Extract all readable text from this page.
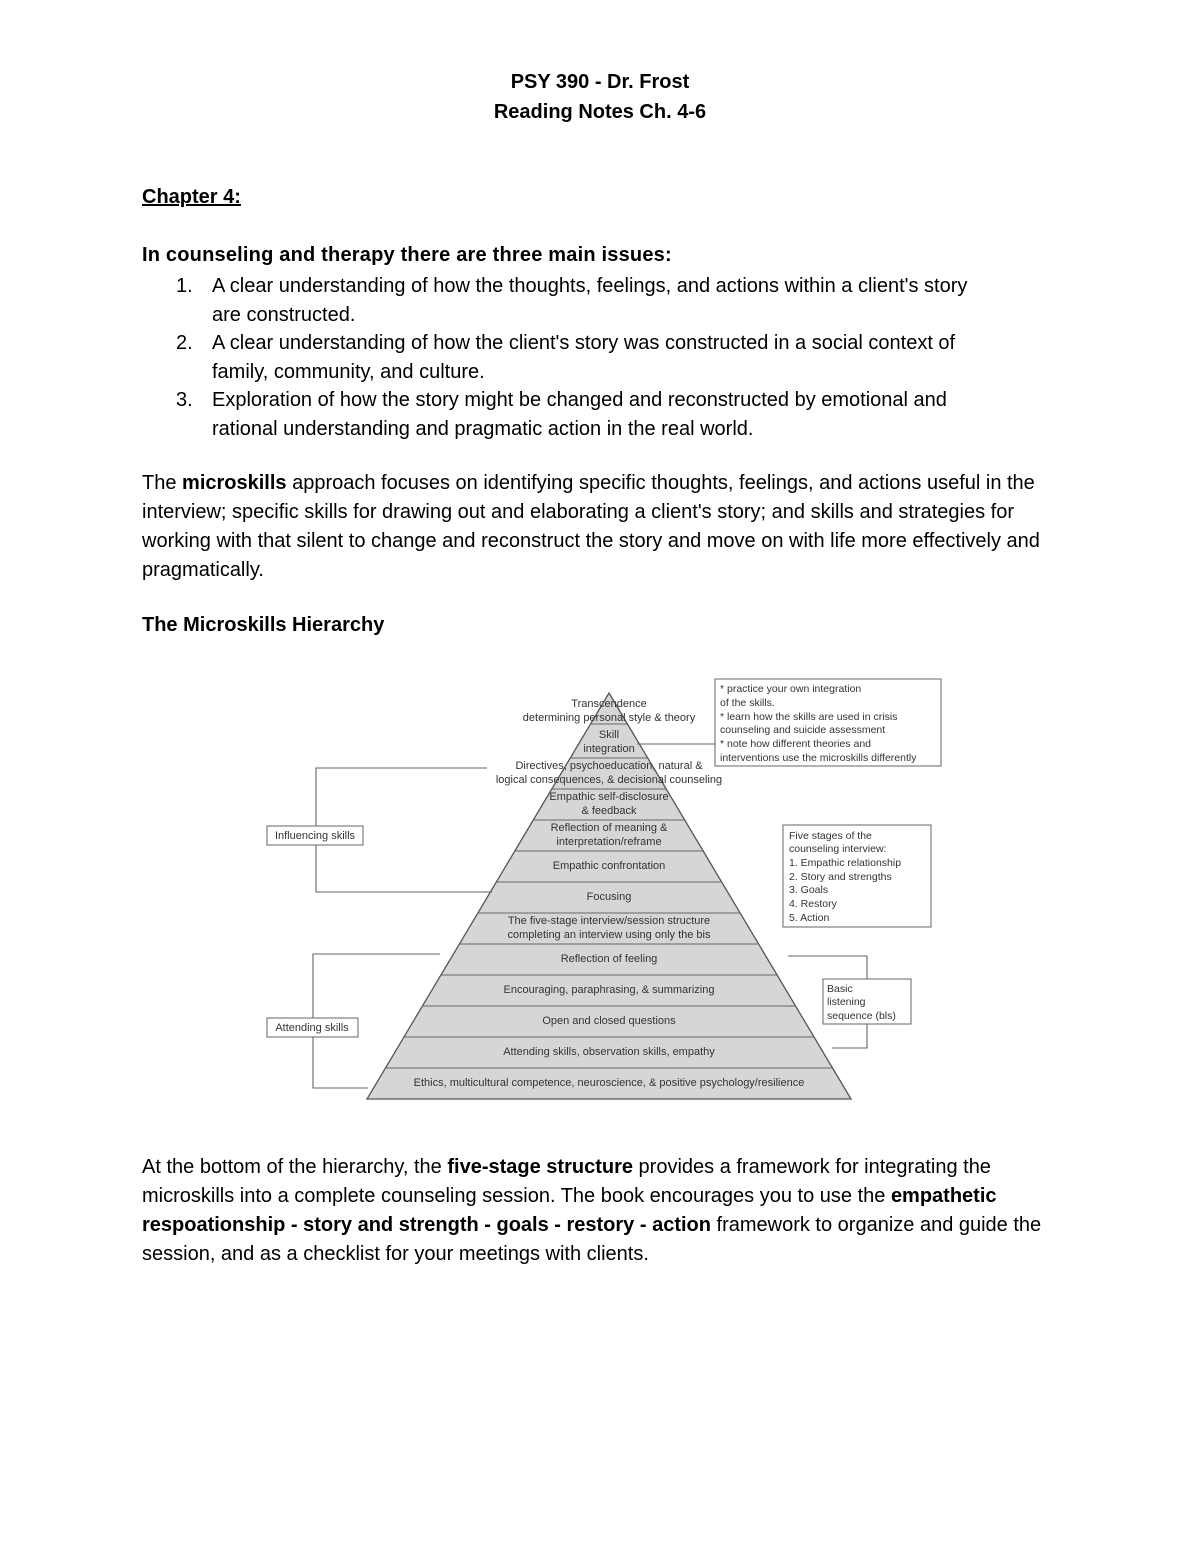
PSY 390 - Dr. Frost
Reading Notes Ch. 4-6
Chapter 4:
In counseling and therapy there are three main issues:
1. A clear understanding of how the thoughts, feelings, and actions within a client's story
are constructed.
2. A clear understanding of how the client's story was constructed in a social context of
family, community, and culture.
3. Exploration of how the story might be changed and reconstructed by emotional and
rational understanding and pragmatic action in the real world.

The microskills approach focuses on identifying specific thoughts, feelings, and actions useful in the interview; specific skills for drawing out and elaborating a client's story; and skills and strategies for working with that silent to change and reconstruct the story and move on with life more effectively and pragmatically.

The Microskills Hierarchy
Transcendence
determining personal style & theory
Skill
integration
Directives, psychoeducation, natural &
logical consequences, & decisional counseling
Empathic self-disclosure
& feedback
Reflection of meaning &
interpretation/reframe
Empathic confrontation
Focusing
The five-stage interview/session structure
completing an interview using only the bis
Reflection of feeling
Encouraging, paraphrasing, & summarizing
Open and closed questions
Attending skills, observation skills, empathy
Ethics, multicultural competence, neuroscience, & positive psychology/resilience
Influencing skills
Attending skills
* practice your own integration
of the skills.
* learn how the skills are used in crisis
counseling and suicide assessment
* note how different theories and
interventions use the microskills differently
Five stages of the
counseling interview:
1. Empathic relationship
2. Story and strengths
3. Goals
4. Restory
5. Action
Basic
listening
sequence (bls)

At the bottom of the hierarchy, the five-stage structure provides a framework for integrating the microskills into a complete counseling session. The book encourages you to use the empathetic respoationship - story and strength - goals - restory - action framework to organize and guide the session, and as a checklist for your meetings with clients.
